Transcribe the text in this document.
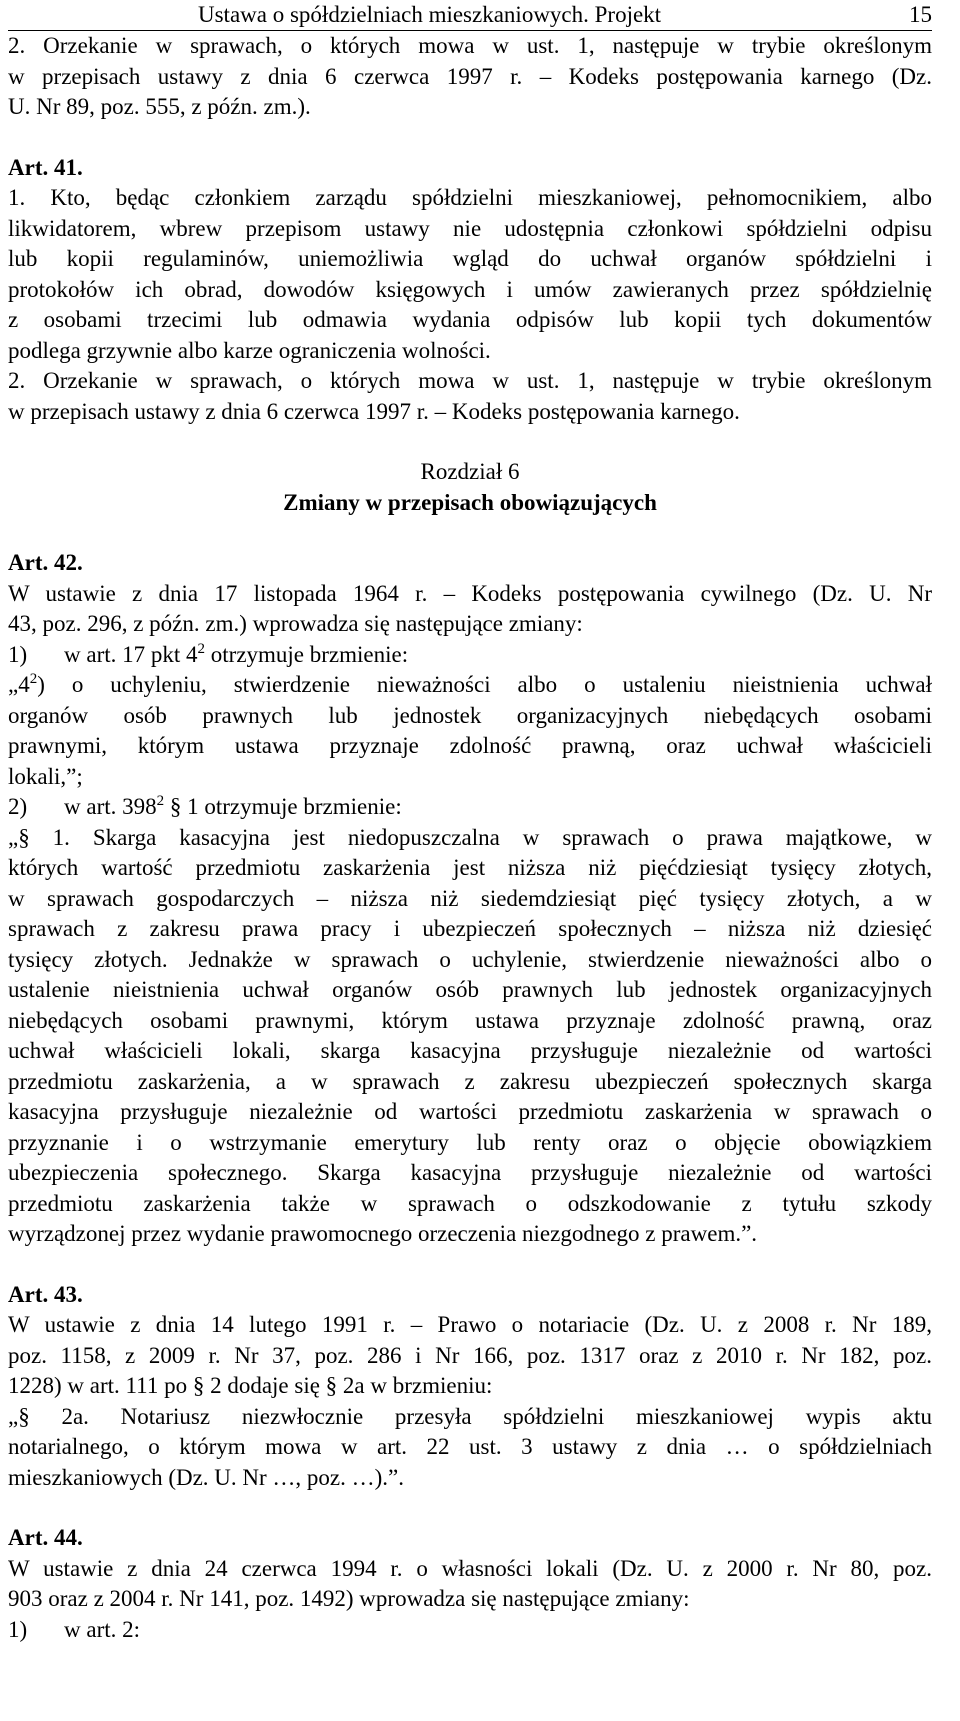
Ustawa o spółdzielniach mieszkaniowych. Projekt	15

2. Orzekanie w sprawach, o których mowa w ust. 1, następuje w trybie określonym

w przepisach ustawy z dnia 6 czerwca 1997 r. – Kodeks postępowania karnego (Dz.

U. Nr 89, poz. 555, z późn. zm.).

Art. 41.

1. Kto, będąc członkiem zarządu spółdzielni mieszkaniowej, pełnomocnikiem, albo

likwidatorem, wbrew przepisom ustawy nie udostępnia członkowi spółdzielni odpisu

lub kopii regulaminów, uniemożliwia wgląd do uchwał organów spółdzielni i

protokołów ich obrad, dowodów księgowych i umów zawieranych przez spółdzielnię

z osobami trzecimi lub odmawia wydania odpisów lub kopii tych dokumentów

podlega grzywnie albo karze ograniczenia wolności.

2. Orzekanie w sprawach, o których mowa w ust. 1, następuje w trybie określonym

w przepisach ustawy z dnia 6 czerwca 1997 r. – Kodeks postępowania karnego.

Rozdział 6

Zmiany w przepisach obowiązujących

Art. 42.

W ustawie z dnia 17 listopada 1964 r. – Kodeks postępowania cywilnego (Dz. U. Nr

43, poz. 296, z późn. zm.) wprowadza się następujące zmiany:

1)	w art. 17 pkt $4^2$ otrzymuje brzmienie:

$„4^2$) o uchyleniu, stwierdzenie nieważności albo o ustaleniu nieistnienia uchwał

organów osób prawnych lub jednostek organizacyjnych niebędących osobami

prawnymi, którym ustawa przyznaje zdolność prawną, oraz uchwał właścicieli

lokali,”;

2)	w art. $398^2$ § 1 otrzymuje brzmienie:

„§ 1. Skarga kasacyjna jest niedopuszczalna w sprawach o prawa majątkowe, w

których wartość przedmiotu zaskarżenia jest niższa niż pięćdziesiąt tysięcy złotych,

w sprawach gospodarczych – niższa niż siedemdziesiąt pięć tysięcy złotych, a w

sprawach z zakresu prawa pracy i ubezpieczeń społecznych – niższa niż dziesięć

tysięcy złotych. Jednakże w sprawach o uchylenie, stwierdzenie nieważności albo o

ustalenie nieistnienia uchwał organów osób prawnych lub jednostek organizacyjnych

niebędących osobami prawnymi, którym ustawa przyznaje zdolność prawną, oraz

uchwał właścicieli lokali, skarga kasacyjna przysługuje niezależnie od wartości

przedmiotu zaskarżenia, a w sprawach z zakresu ubezpieczeń społecznych skarga

kasacyjna przysługuje niezależnie od wartości przedmiotu zaskarżenia w sprawach o

przyznanie i o wstrzymanie emerytury lub renty oraz o objęcie obowiązkiem

ubezpieczenia społecznego. Skarga kasacyjna przysługuje niezależnie od wartości

przedmiotu zaskarżenia także w sprawach o odszkodowanie z tytułu szkody

wyrządzonej przez wydanie prawomocnego orzeczenia niezgodnego z prawem.”.

Art. 43.

W ustawie z dnia 14 lutego 1991 r. – Prawo o notariacie (Dz. U. z 2008 r. Nr 189,

poz. 1158, z 2009 r. Nr 37, poz. 286 i Nr 166, poz. 1317 oraz z 2010 r. Nr 182, poz.

1228) w art. 111 po § 2 dodaje się § 2a w brzmieniu:

„§ 2a. Notariusz niezwłocznie przesyła spółdzielni mieszkaniowej wypis aktu

notarialnego, o którym mowa w art. 22 ust. 3 ustawy z dnia … o spółdzielniach

mieszkaniowych (Dz. U. Nr …, poz. …).”.

Art. 44.

W ustawie z dnia 24 czerwca 1994 r. o własności lokali (Dz. U. z 2000 r. Nr 80, poz.

903 oraz z 2004 r. Nr 141, poz. 1492) wprowadza się następujące zmiany:

1)	w art. 2:
